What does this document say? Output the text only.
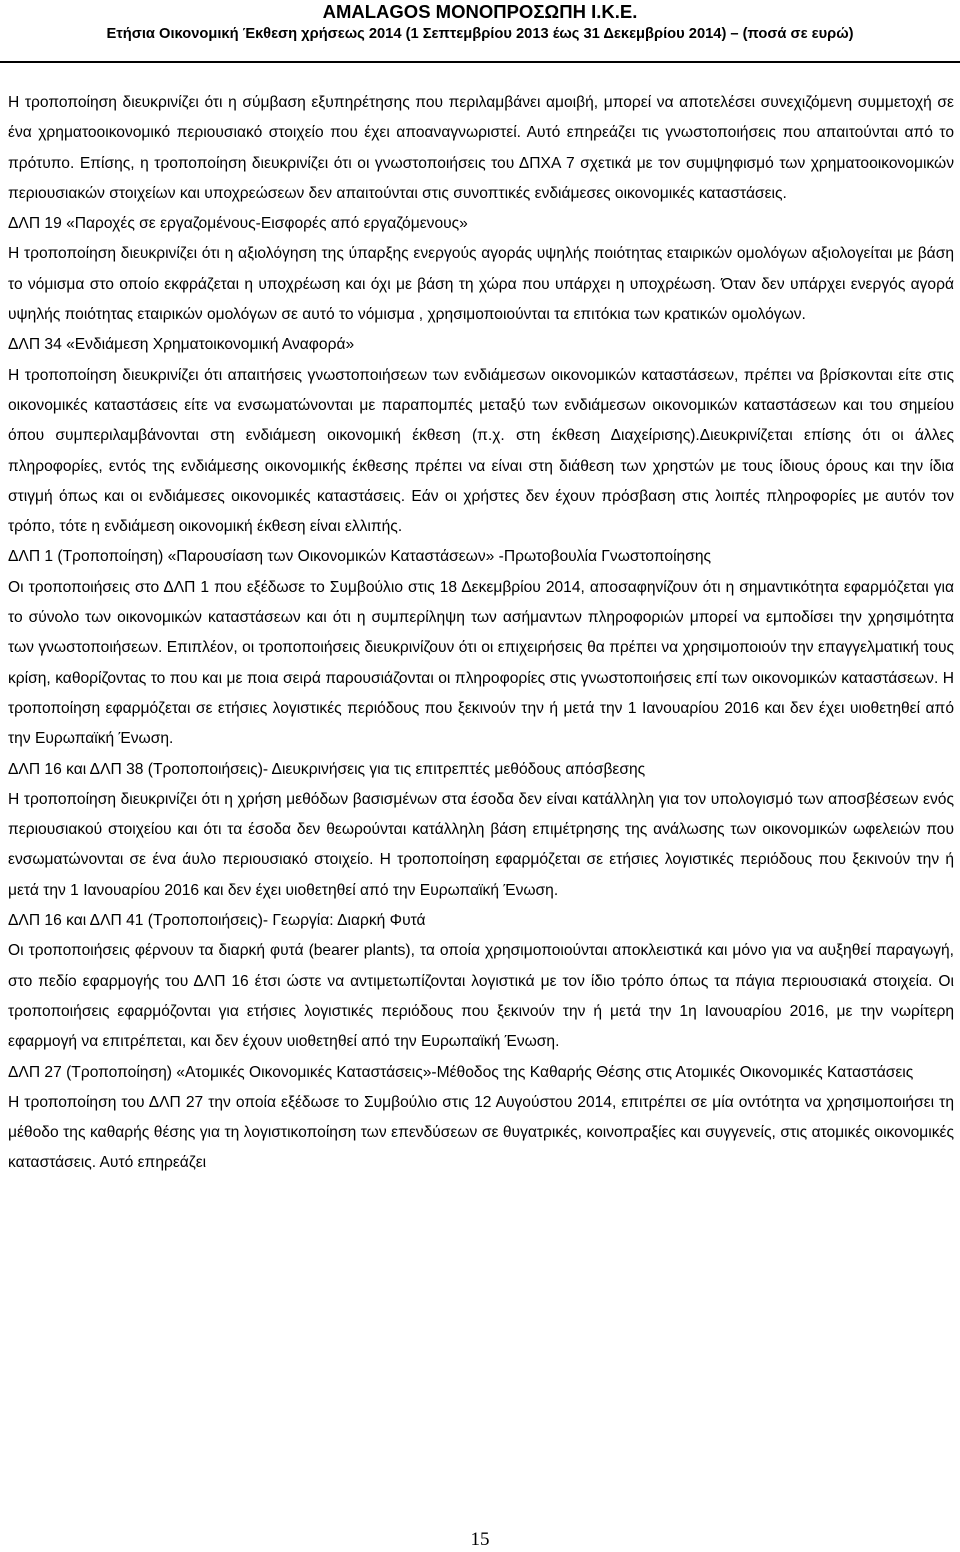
AMALAGOS ΜΟΝΟΠΡΟΣΩΠΗ Ι.Κ.Ε.
Ετήσια Οικονομική Έκθεση χρήσεως 2014 (1 Σεπτεμβρίου 2013 έως 31 Δεκεμβρίου 2014) – (ποσά σε ευρώ)

Η τροποποίηση διευκρινίζει ότι η σύμβαση εξυπηρέτησης που περιλαμβάνει αμοιβή, μπορεί να αποτελέσει συνεχιζόμενη συμμετοχή σε ένα χρηματοοικονομικό περιουσιακό στοιχείο που έχει αποαναγνωριστεί. Αυτό επηρεάζει τις γνωστοποιήσεις που απαιτούνται από το πρότυπο. Επίσης, η τροποποίηση διευκρινίζει ότι οι γνωστοποιήσεις του ΔΠΧΑ 7 σχετικά με τον συμψηφισμό των χρηματοοικονομικών περιουσιακών στοιχείων και υποχρεώσεων δεν απαιτούνται στις συνοπτικές ενδιάμεσες οικονομικές καταστάσεις.

ΔΛΠ 19 «Παροχές σε εργαζομένους-Εισφορές από εργαζόμενους»

Η τροποποίηση διευκρινίζει ότι η αξιολόγηση της ύπαρξης ενεργούς αγοράς υψηλής ποιότητας εταιρικών ομολόγων αξιολογείται με βάση το νόμισμα στο οποίο εκφράζεται η υποχρέωση και όχι με βάση τη χώρα που υπάρχει η υποχρέωση. Όταν δεν υπάρχει ενεργός αγορά υψηλής ποιότητας εταιρικών ομολόγων σε αυτό το νόμισμα , χρησιμοποιούνται τα επιτόκια των κρατικών ομολόγων.

ΔΛΠ 34 «Ενδιάμεση Χρηματοικονομική Αναφορά»

Η τροποποίηση διευκρινίζει ότι απαιτήσεις γνωστοποιήσεων των ενδιάμεσων οικονομικών καταστάσεων, πρέπει να βρίσκονται είτε στις οικονομικές καταστάσεις είτε να ενσωματώνονται με παραπομπές μεταξύ των ενδιάμεσων οικονομικών καταστάσεων και του σημείου όπου συμπεριλαμβάνονται στη ενδιάμεση οικονομική έκθεση (π.χ. στη έκθεση Διαχείρισης).Διευκρινίζεται επίσης ότι οι άλλες πληροφορίες, εντός της ενδιάμεσης οικονομικής έκθεσης πρέπει να είναι στη διάθεση των χρηστών με τους ίδιους όρους και την ίδια στιγμή όπως και οι ενδιάμεσες οικονομικές καταστάσεις. Εάν οι χρήστες δεν έχουν πρόσβαση στις λοιπές πληροφορίες με αυτόν τον τρόπο, τότε η ενδιάμεση οικονομική έκθεση είναι ελλιπής.

ΔΛΠ 1 (Τροποποίηση) «Παρουσίαση των Οικονομικών Καταστάσεων» -Πρωτοβουλία Γνωστοποίησης

Οι τροποποιήσεις στο ΔΛΠ 1 που εξέδωσε το Συμβούλιο στις 18 Δεκεμβρίου 2014, αποσαφηνίζουν ότι η σημαντικότητα εφαρμόζεται για το σύνολο των οικονομικών καταστάσεων και ότι η συμπερίληψη των ασήμαντων πληροφοριών μπορεί να εμποδίσει την χρησιμότητα των γνωστοποιήσεων. Επιπλέον, οι τροποποιήσεις διευκρινίζουν ότι οι επιχειρήσεις θα πρέπει να χρησιμοποιούν την επαγγελματική τους κρίση, καθορίζοντας το που και με ποια σειρά παρουσιάζονται οι πληροφορίες στις γνωστοποιήσεις επί των οικονομικών καταστάσεων. Η τροποποίηση εφαρμόζεται σε ετήσιες λογιστικές περιόδους που ξεκινούν την ή μετά την 1 Ιανουαρίου 2016 και δεν έχει υιοθετηθεί από την Ευρωπαϊκή Ένωση.

ΔΛΠ 16 και ΔΛΠ 38 (Τροποποιήσεις)- Διευκρινήσεις για τις επιτρεπτές μεθόδους απόσβεσης

Η τροποποίηση διευκρινίζει ότι η χρήση μεθόδων βασισμένων στα έσοδα δεν είναι κατάλληλη για τον υπολογισμό των αποσβέσεων ενός περιουσιακού στοιχείου και ότι τα έσοδα δεν θεωρούνται κατάλληλη βάση επιμέτρησης της ανάλωσης των οικονομικών ωφελειών που ενσωματώνονται σε ένα άυλο περιουσιακό στοιχείο. Η τροποποίηση εφαρμόζεται σε ετήσιες λογιστικές περιόδους που ξεκινούν την ή μετά την 1 Ιανουαρίου 2016 και δεν έχει υιοθετηθεί από την Ευρωπαϊκή Ένωση.

ΔΛΠ 16 και ΔΛΠ 41 (Τροποποιήσεις)- Γεωργία: Διαρκή Φυτά

Οι τροποποιήσεις φέρνουν τα διαρκή φυτά (bearer plants), τα οποία χρησιμοποιούνται αποκλειστικά και μόνο για να αυξηθεί παραγωγή, στο πεδίο εφαρμογής του ΔΛΠ 16 έτσι ώστε να αντιμετωπίζονται λογιστικά με τον ίδιο τρόπο όπως τα πάγια περιουσιακά στοιχεία. Οι τροποποιήσεις εφαρμόζονται για ετήσιες λογιστικές περιόδους που ξεκινούν την ή μετά την 1η Ιανουαρίου 2016, με την νωρίτερη εφαρμογή να επιτρέπεται, και δεν έχουν υιοθετηθεί από την Ευρωπαϊκή Ένωση.

ΔΛΠ 27 (Τροποποίηση) «Ατομικές Οικονομικές Καταστάσεις»-Μέθοδος της Καθαρής Θέσης στις Ατομικές Οικονομικές Καταστάσεις

Η τροποποίηση του ΔΛΠ 27 την οποία εξέδωσε το Συμβούλιο στις 12 Αυγούστου 2014, επιτρέπει σε μία οντότητα να χρησιμοποιήσει τη μέθοδο της καθαρής θέσης για τη λογιστικοποίηση των επενδύσεων σε θυγατρικές, κοινοπραξίες και συγγενείς, στις ατομικές οικονομικές καταστάσεις. Αυτό επηρεάζει

15
